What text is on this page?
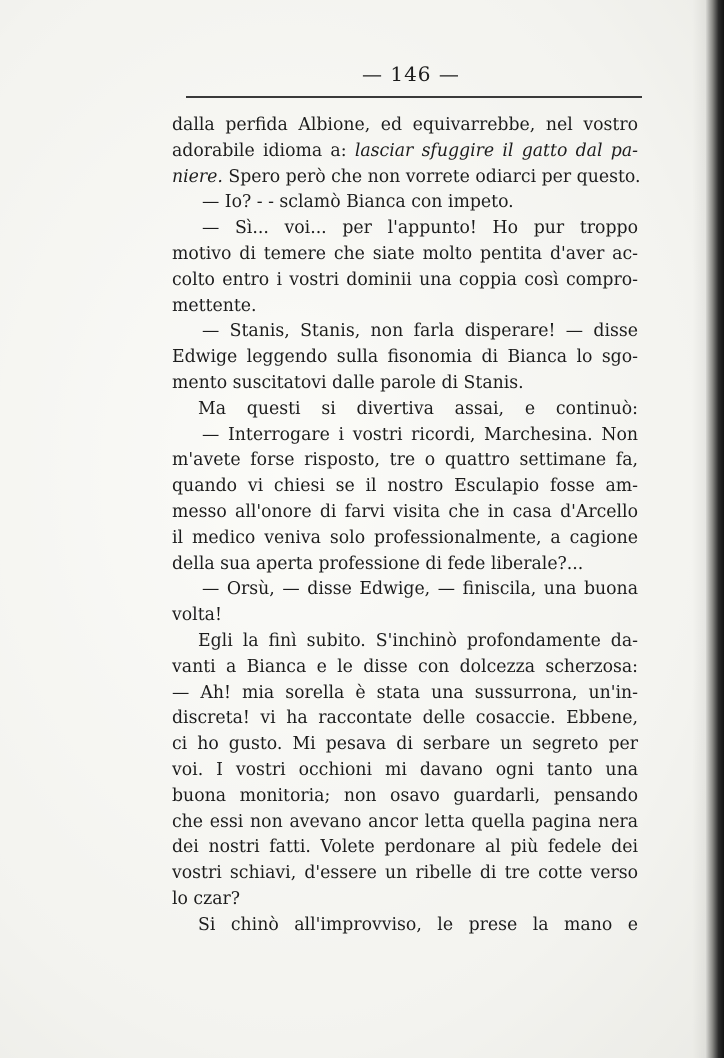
— 146 —
dalla perfida Albione, ed equivarrebbe, nel vostro
adorabile idioma a: lasciar sfuggire il gatto dal pa-
niere. Spero però che non vorrete odiarci per questo.
— Io? - - sclamò Bianca con impeto.
— Sì... voi... per l'appunto! Ho pur troppo
motivo di temere che siate molto pentita d'aver ac-
colto entro i vostri dominii una coppia così compro-
mettente.
— Stanis, Stanis, non farla disperare! — disse
Edwige leggendo sulla fisonomia di Bianca lo sgo-
mento suscitatovi dalle parole di Stanis.
Ma questi si divertiva assai, e continuò:
— Interrogare i vostri ricordi, Marchesina. Non
m'avete forse risposto, tre o quattro settimane fa,
quando vi chiesi se il nostro Esculapio fosse am-
messo all'onore di farvi visita che in casa d'Arcello
il medico veniva solo professionalmente, a cagione
della sua aperta professione di fede liberale?...
— Orsù, — disse Edwige, — finiscila, una buona
volta!
Egli la finì subito. S'inchinò profondamente da-
vanti a Bianca e le disse con dolcezza scherzosa:
— Ah! mia sorella è stata una sussurrona, un'in-
discreta! vi ha raccontate delle cosaccie. Ebbene,
ci ho gusto. Mi pesava di serbare un segreto per
voi. I vostri occhioni mi davano ogni tanto una
buona monitoria; non osavo guardarli, pensando
che essi non avevano ancor letta quella pagina nera
dei nostri fatti. Volete perdonare al più fedele dei
vostri schiavi, d'essere un ribelle di tre cotte verso
lo czar?
Si chinò all'improvviso, le prese la mano e
